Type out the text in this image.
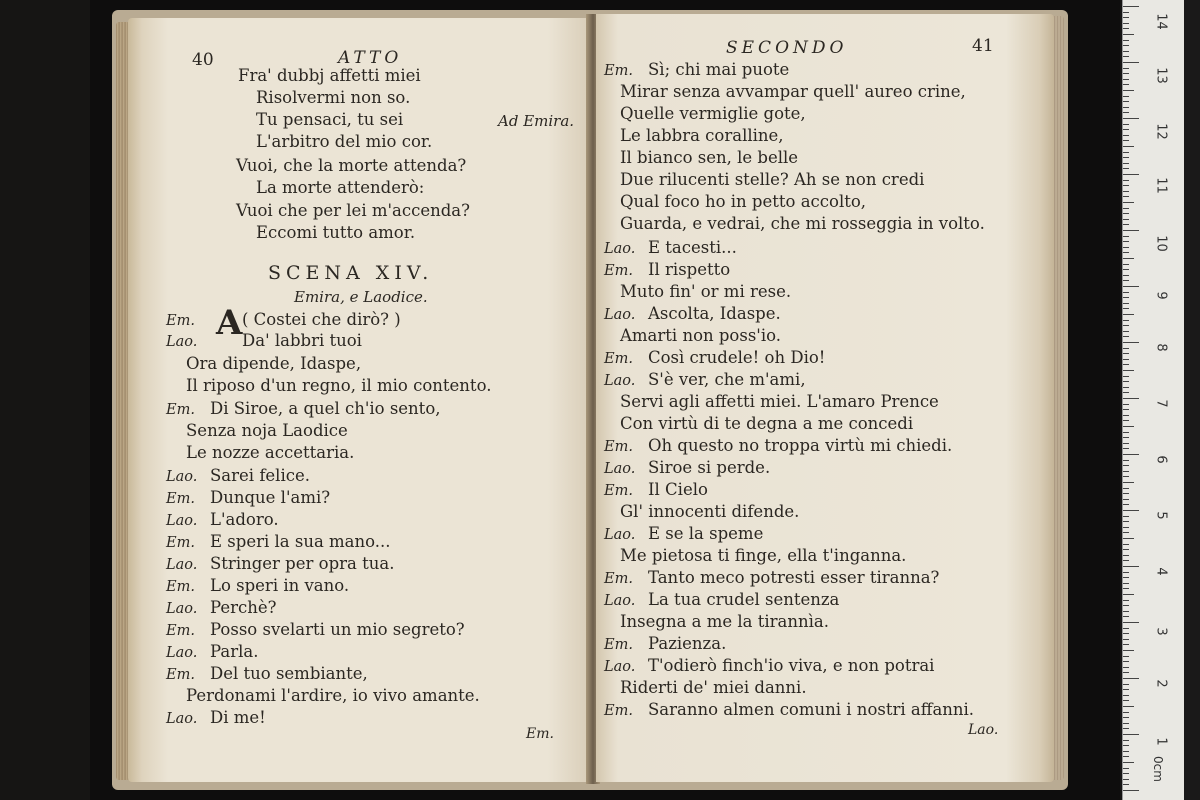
40	ATTO
Fra' dubbj affetti miei
Risolvermi non so.
Tu pensaci, tu sei	Ad Emira.
L'arbitro del mio cor.
Vuoi, che la morte attenda?
La morte attenderò:
Vuoi che per lei m'accenda?
Eccomi tutto amor.
SCENA XIV.
Emira, e Laodice.
Em.	( Costei che dirò? )
A
Lao.	Da' labbri tuoi
Ora dipende, Idaspe,
Il riposo d'un regno, il mio contento.
Em. Di Siroe, a quel ch'io sento,
Senza noja Laodice
Le nozze accettaria.
Lao. Sarei felice.
Em. Dunque l'ami?
Lao. L'adoro.
Em. E speri la sua mano...
Lao. Stringer per opra tua.
Em. Lo speri in vano.
Lao. Perchè?
Em. Posso svelarti un mio segreto?
Lao. Parla.
Em. Del tuo sembiante,
Perdonami l'ardire, io vivo amante.
Lao. Di me!
Em.
SECONDO	41
Em. Sì; chi mai puote
Mirar senza avvampar quell' aureo crine,
Quelle vermiglie gote,
Le labbra coralline,
Il bianco sen, le belle
Due rilucenti stelle? Ah se non credi
Qual foco ho in petto accolto,
Guarda, e vedrai, che mi rosseggia in volto.
Lao. E tacesti...
Em. Il rispetto
Muto fin' or mi rese.
Lao. Ascolta, Idaspe.
Amarti non poss'io.
Em. Così crudele! oh Dio!
Lao. S'è ver, che m'ami,
Servi agli affetti miei. L'amaro Prence
Con virtù di te degna a me concedi
Em. Oh questo no troppa virtù mi chiedi.
Lao. Siroe si perde.
Em. Il Cielo
Gl' innocenti difende.
Lao. E se la speme
Me pietosa ti finge, ella t'inganna.
Em. Tanto meco potresti esser tiranna?
Lao. La tua crudel sentenza
Insegna a me la tirannìa.
Em. Pazienza.
Lao. T'odierò finch'io viva, e non potrai
Riderti de' miei danni.
Em. Saranno almen comuni i nostri affanni.
Lao.
0cm
1
2
3
4
5
6
7
8
9
10
11
12
13
14
